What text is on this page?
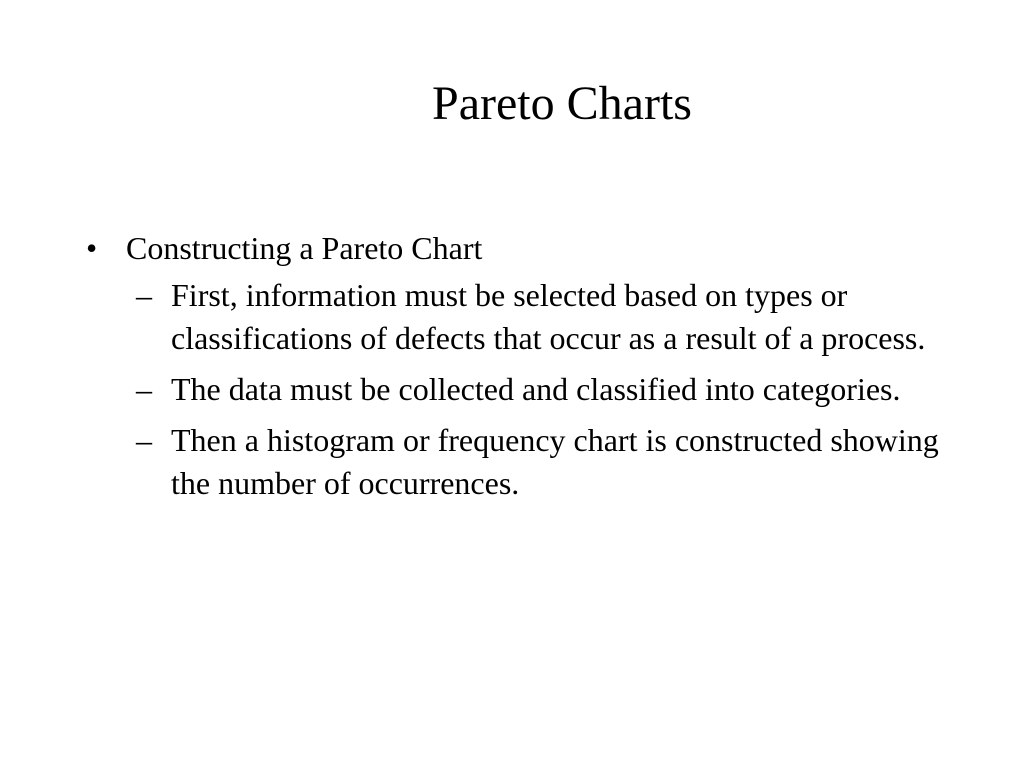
Pareto Charts
• Constructing a Pareto Chart
– First, information must be selected based on types or classifications of defects that occur as a result of a process.
– The data must be collected and classified into categories.
– Then a histogram or frequency chart is constructed showing the number of occurrences.
